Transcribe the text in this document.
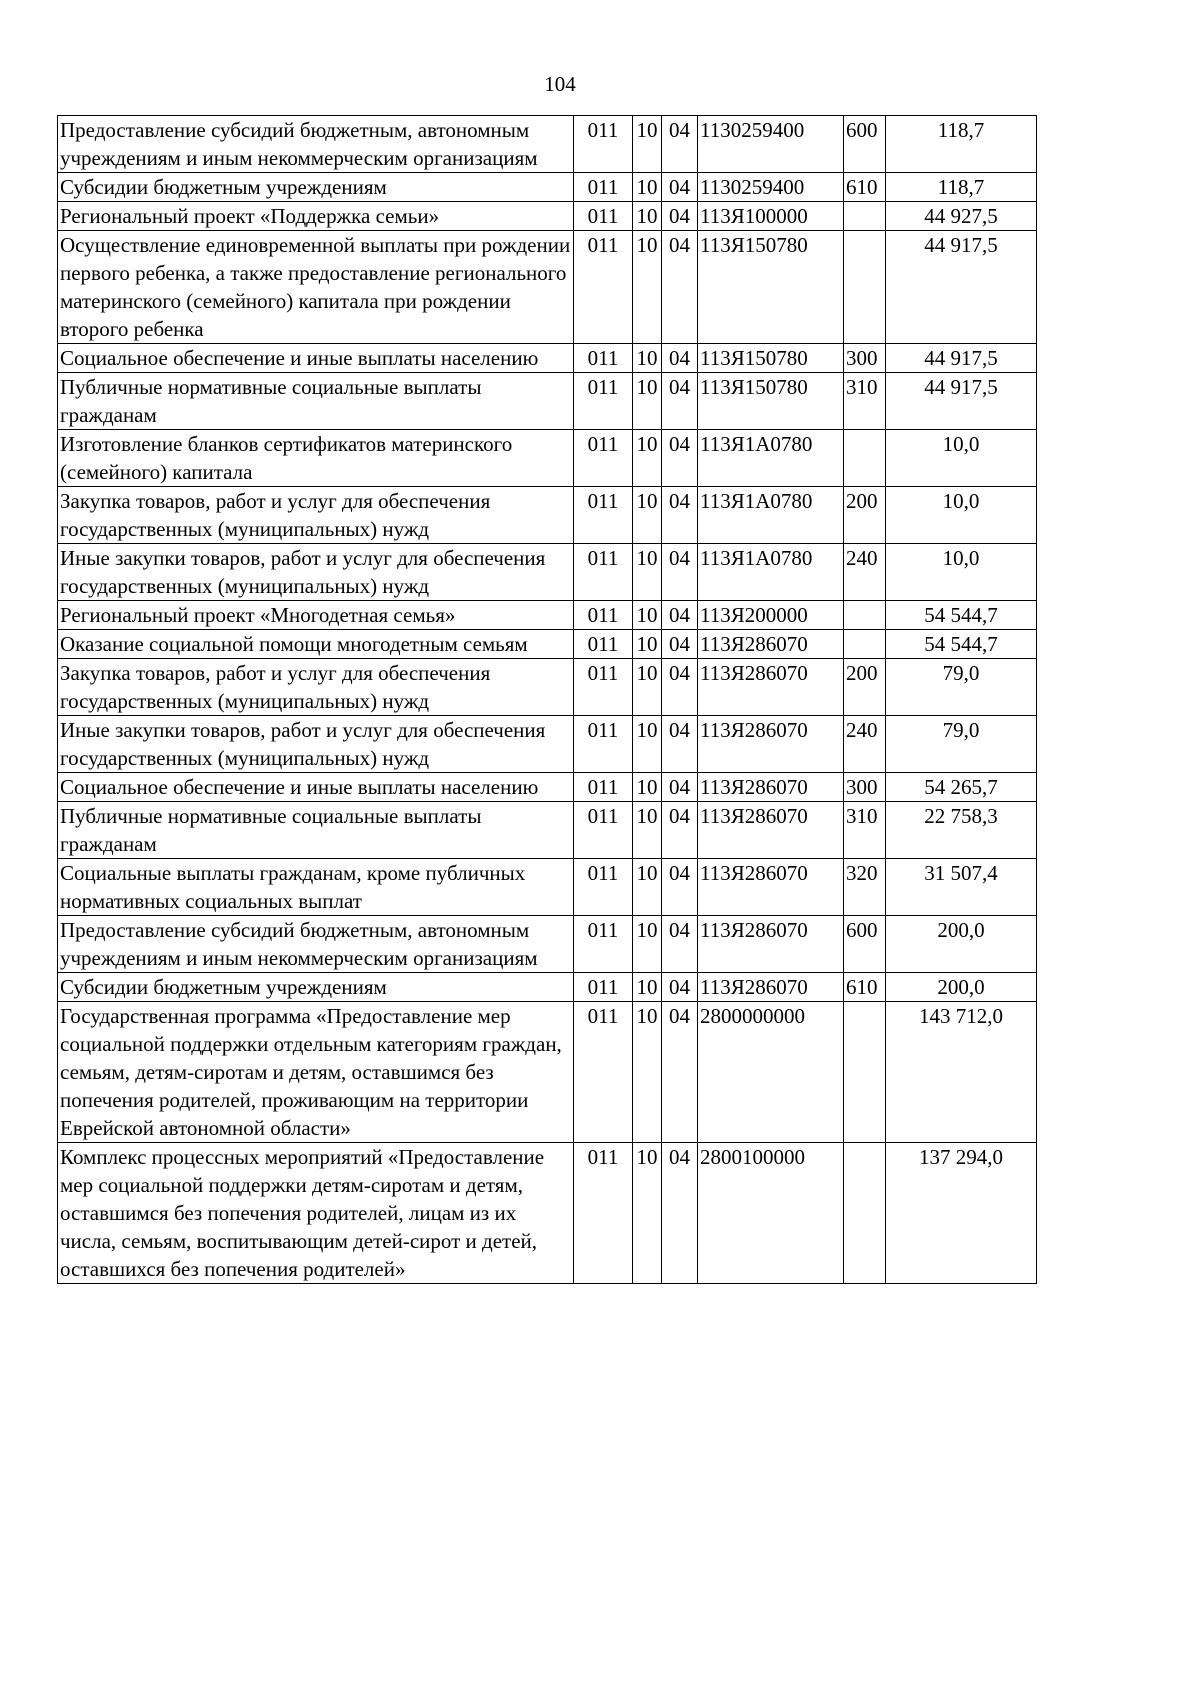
104
Предоставление субсидий бюджетным, автономным учреждениям и иным некоммерческим организациям	011	10	04	1130259400	600	118,7
Субсидии бюджетным учреждениям	011	10	04	1130259400	610	118,7
Региональный проект «Поддержка семьи»	011	10	04	113Я100000		44 927,5
Осуществление единовременной выплаты при рождении первого ребенка, а также предоставление регионального материнского (семейного) капитала при рождении второго ребенка	011	10	04	113Я150780		44 917,5
Социальное обеспечение и иные выплаты населению	011	10	04	113Я150780	300	44 917,5
Публичные нормативные социальные выплаты гражданам	011	10	04	113Я150780	310	44 917,5
Изготовление бланков сертификатов материнского (семейного) капитала	011	10	04	113Я1А0780		10,0
Закупка товаров, работ и услуг для обеспечения государственных (муниципальных) нужд	011	10	04	113Я1А0780	200	10,0
Иные закупки товаров, работ и услуг для обеспечения государственных (муниципальных) нужд	011	10	04	113Я1А0780	240	10,0
Региональный проект «Многодетная семья»	011	10	04	113Я200000		54 544,7
Оказание социальной помощи многодетным семьям	011	10	04	113Я286070		54 544,7
Закупка товаров, работ и услуг для обеспечения государственных (муниципальных) нужд	011	10	04	113Я286070	200	79,0
Иные закупки товаров, работ и услуг для обеспечения государственных (муниципальных) нужд	011	10	04	113Я286070	240	79,0
Социальное обеспечение и иные выплаты населению	011	10	04	113Я286070	300	54 265,7
Публичные нормативные социальные выплаты гражданам	011	10	04	113Я286070	310	22 758,3
Социальные выплаты гражданам, кроме публичных нормативных социальных выплат	011	10	04	113Я286070	320	31 507,4
Предоставление субсидий бюджетным, автономным учреждениям и иным некоммерческим организациям	011	10	04	113Я286070	600	200,0
Субсидии бюджетным учреждениям	011	10	04	113Я286070	610	200,0
Государственная программа «Предоставление мер социальной поддержки отдельным категориям граждан, семьям, детям-сиротам и детям, оставшимся без попечения родителей, проживающим на территории Еврейской автономной области»	011	10	04	2800000000		143 712,0
Комплекс процессных мероприятий «Предоставление мер социальной поддержки детям-сиротам и детям, оставшимся без попечения родителей, лицам из их числа, семьям, воспитывающим детей-сирот и детей, оставшихся без попечения родителей»	011	10	04	2800100000		137 294,0
